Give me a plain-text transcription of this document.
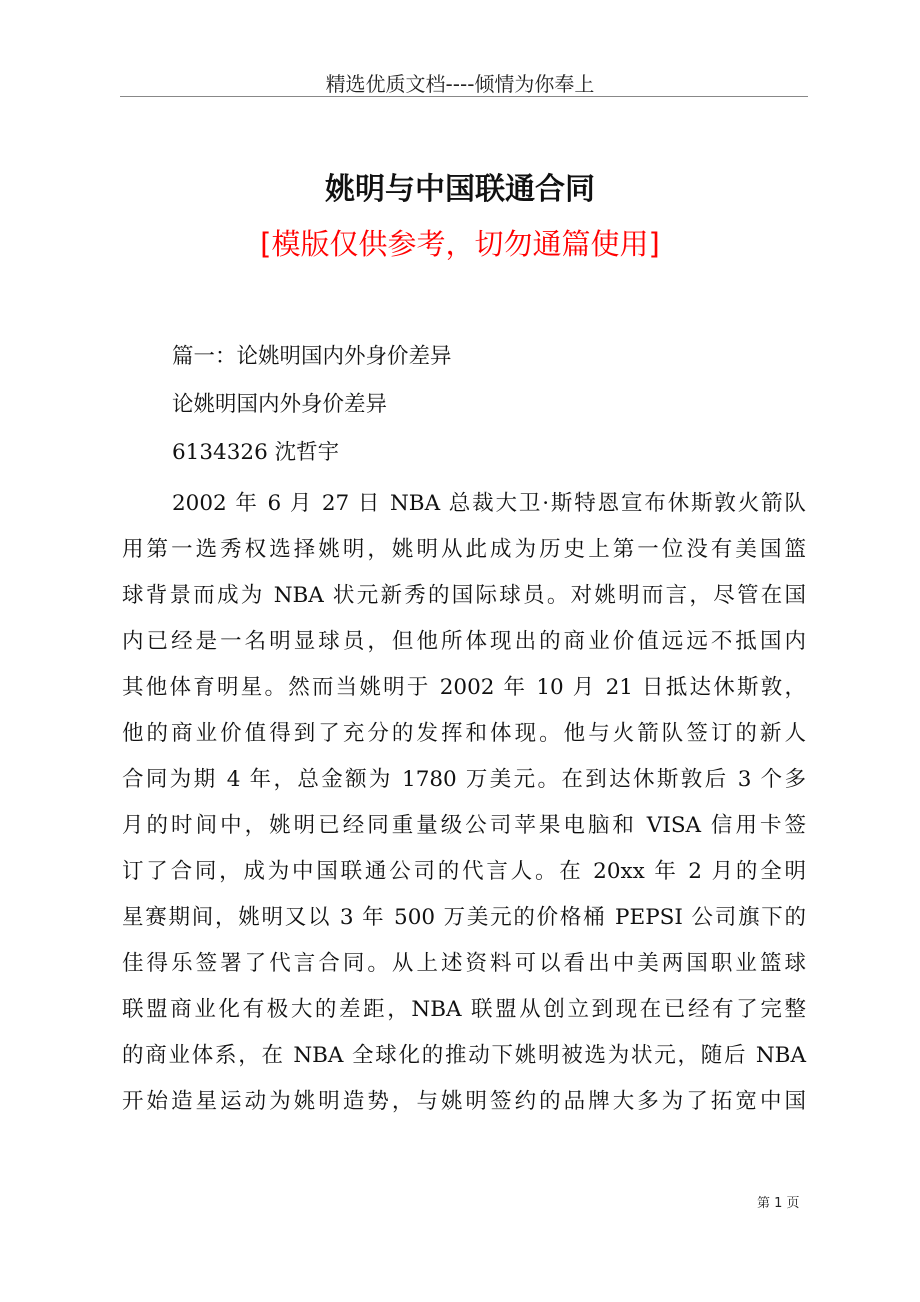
精选优质文档----倾情为你奉上
姚明与中国联通合同
[模版仅供参考，切勿通篇使用]
篇一：论姚明国内外身价差异
论姚明国内外身价差异
6134326 沈哲宇
2002 年 6 月 27 日 NBA 总裁大卫·斯特恩宣布休斯敦火箭队
用第一选秀权选择姚明，姚明从此成为历史上第一位没有美国篮
球背景而成为 NBA 状元新秀的国际球员。对姚明而言，尽管在国
内已经是一名明显球员，但他所体现出的商业价值远远不抵国内
其他体育明星。然而当姚明于 2002 年 10 月 21 日抵达休斯敦，
他的商业价值得到了充分的发挥和体现。他与火箭队签订的新人
合同为期 4 年，总金额为 1780 万美元。在到达休斯敦后 3 个多
月的时间中，姚明已经同重量级公司苹果电脑和 VISA 信用卡签
订了合同，成为中国联通公司的代言人。在 20xx 年 2 月的全明
星赛期间，姚明又以 3 年 500 万美元的价格桶 PEPSI 公司旗下的
佳得乐签署了代言合同。从上述资料可以看出中美两国职业篮球
联盟商业化有极大的差距，NBA 联盟从创立到现在已经有了完整
的商业体系，在 NBA 全球化的推动下姚明被选为状元，随后 NBA
开始造星运动为姚明造势，与姚明签约的品牌大多为了拓宽中国
第 1 页
